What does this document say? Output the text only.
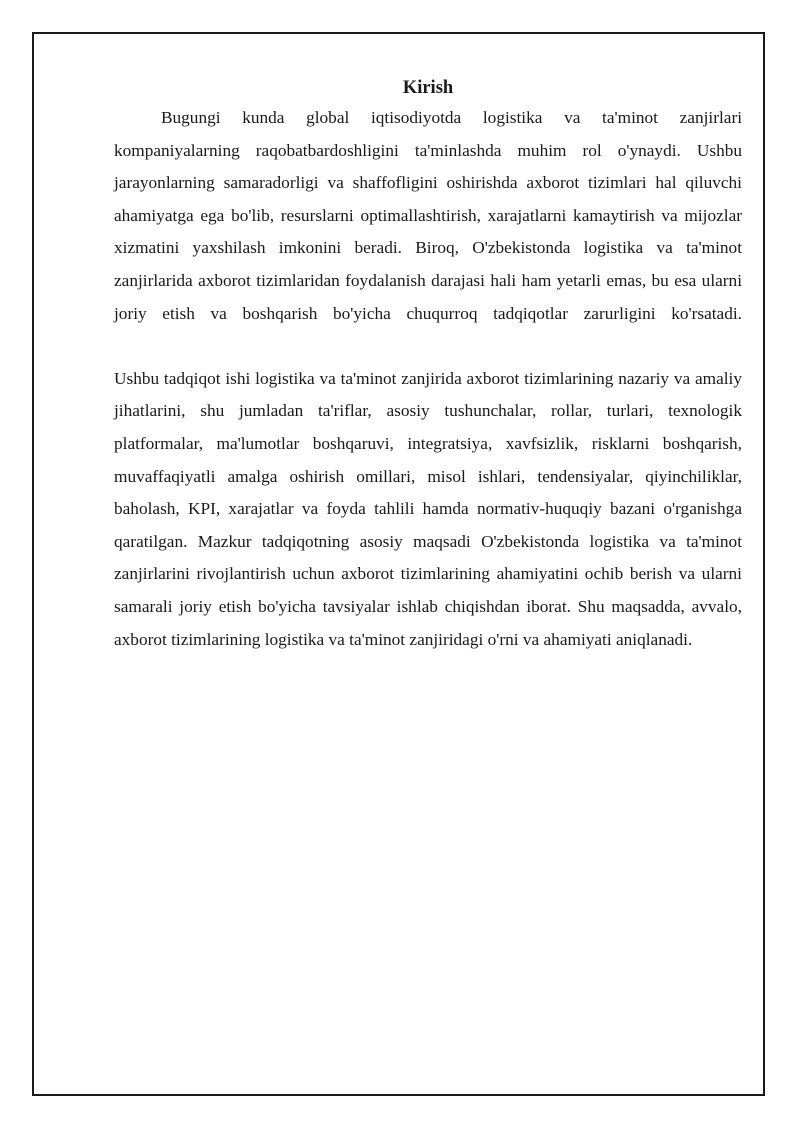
Kirish

Bugungi kunda global iqtisodiyotda logistika va ta'minot zanjirlari kompaniyalarning raqobatbardoshligini ta'minlashda muhim rol o'ynaydi. Ushbu jarayonlarning samaradorligi va shaffofligini oshirishda axborot tizimlari hal qiluvchi ahamiyatga ega bo'lib, resurslarni optimallashtirish, xarajatlarni kamaytirish va mijozlar xizmatini yaxshilash imkonini beradi. Biroq, O'zbekistonda logistika va ta'minot zanjirlarida axborot tizimlaridan foydalanish darajasi hali ham yetarli emas, bu esa ularni joriy etish va boshqarish bo'yicha chuqurroq tadqiqotlar zarurligini ko'rsatadi.

Ushbu tadqiqot ishi logistika va ta'minot zanjirida axborot tizimlarining nazariy va amaliy jihatlarini, shu jumladan ta'riflar, asosiy tushunchalar, rollar, turlari, texnologik platformalar, ma'lumotlar boshqaruvi, integratsiya, xavfsizlik, risklarni boshqarish, muvaffaqiyatli amalga oshirish omillari, misol ishlari, tendensiyalar, qiyinchiliklar, baholash, KPI, xarajatlar va foyda tahlili hamda normativ-huquqiy bazani o'rganishga qaratilgan. Mazkur tadqiqotning asosiy maqsadi O'zbekistonda logistika va ta'minot zanjirlarini rivojlantirish uchun axborot tizimlarining ahamiyatini ochib berish va ularni samarali joriy etish bo'yicha tavsiyalar ishlab chiqishdan iborat. Shu maqsadda, avvalo, axborot tizimlarining logistika va ta'minot zanjiridagi o'rni va ahamiyati aniqlanadi.
